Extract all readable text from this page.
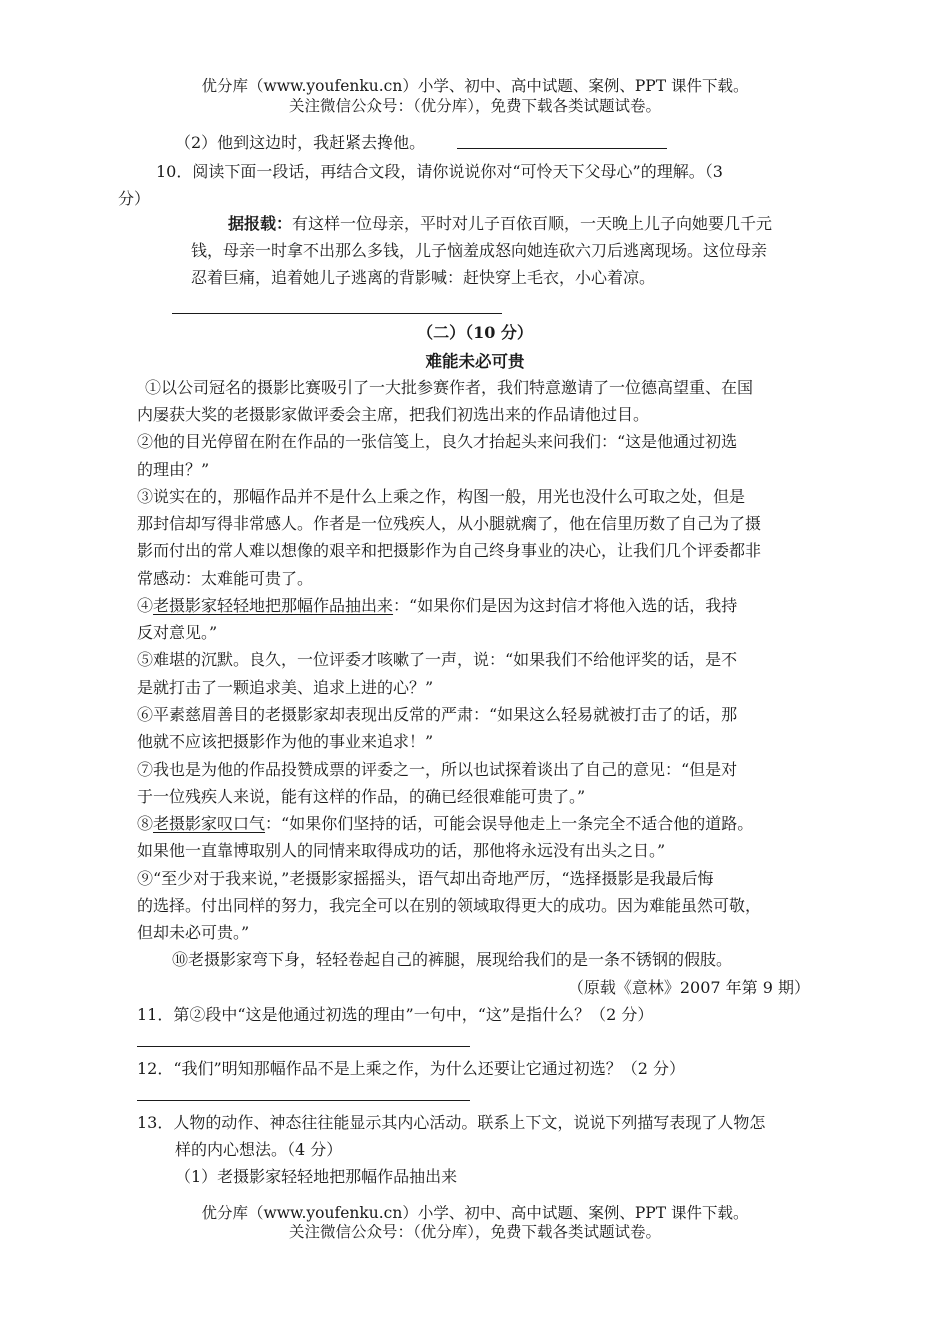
优分库（www.youfenku.cn）小学、初中、高中试题、案例、PPT 课件下载。
关注微信公众号：（优分库），免费下载各类试题试卷。
（2）他到这边时，我赶紧去搀他。
10．阅读下面一段话，再结合文段，请你说说你对“可怜天下父母心”的理解。（3
分）
据报载：有这样一位母亲，平时对儿子百依百顺，一天晚上儿子向她要几千元
钱，母亲一时拿不出那么多钱，儿子恼羞成怒向她连砍六刀后逃离现场。这位母亲
忍着巨痛，追着她儿子逃离的背影喊：赶快穿上毛衣，小心着凉。
（二）（10 分）
难能未必可贵
①以公司冠名的摄影比赛吸引了一大批参赛作者，我们特意邀请了一位德高望重、在国
内屡获大奖的老摄影家做评委会主席，把我们初选出来的作品请他过目。
②他的目光停留在附在作品的一张信笺上，良久才抬起头来问我们：“这是他通过初选
的理由？”
③说实在的，那幅作品并不是什么上乘之作，构图一般，用光也没什么可取之处，但是
那封信却写得非常感人。作者是一位残疾人，从小腿就瘸了，他在信里历数了自己为了摄
影而付出的常人难以想像的艰辛和把摄影作为自己终身事业的决心，让我们几个评委都非
常感动：太难能可贵了。
④老摄影家轻轻地把那幅作品抽出来：“如果你们是因为这封信才将他入选的话，我持
反对意见。”
⑤难堪的沉默。良久，一位评委才咳嗽了一声，说：“如果我们不给他评奖的话，是不
是就打击了一颗追求美、追求上进的心？”
⑥平素慈眉善目的老摄影家却表现出反常的严肃：“如果这么轻易就被打击了的话，那
他就不应该把摄影作为他的事业来追求！”
⑦我也是为他的作品投赞成票的评委之一，所以也试探着谈出了自己的意见：“但是对
于一位残疾人来说，能有这样的作品，的确已经很难能可贵了。”
⑧老摄影家叹口气：“如果你们坚持的话，可能会误导他走上一条完全不适合他的道路。
如果他一直靠博取别人的同情来取得成功的话，那他将永远没有出头之日。”
⑨“至少对于我来说，”老摄影家摇摇头，语气却出奇地严厉，“选择摄影是我最后悔
的选择。付出同样的努力，我完全可以在别的领域取得更大的成功。因为难能虽然可敬，
但却未必可贵。”
⑩老摄影家弯下身，轻轻卷起自己的裤腿，展现给我们的是一条不锈钢的假肢。
（原载《意林》2007 年第 9 期）
11．第②段中“这是他通过初选的理由”一句中，“这”是指什么？（2 分）
12．“我们”明知那幅作品不是上乘之作，为什么还要让它通过初选？（2 分）
13．人物的动作、神态往往能显示其内心活动。联系上下文，说说下列描写表现了人物怎
样的内心想法。（4 分）
（1）老摄影家轻轻地把那幅作品抽出来
优分库（www.youfenku.cn）小学、初中、高中试题、案例、PPT 课件下载。
关注微信公众号：（优分库），免费下载各类试题试卷。
